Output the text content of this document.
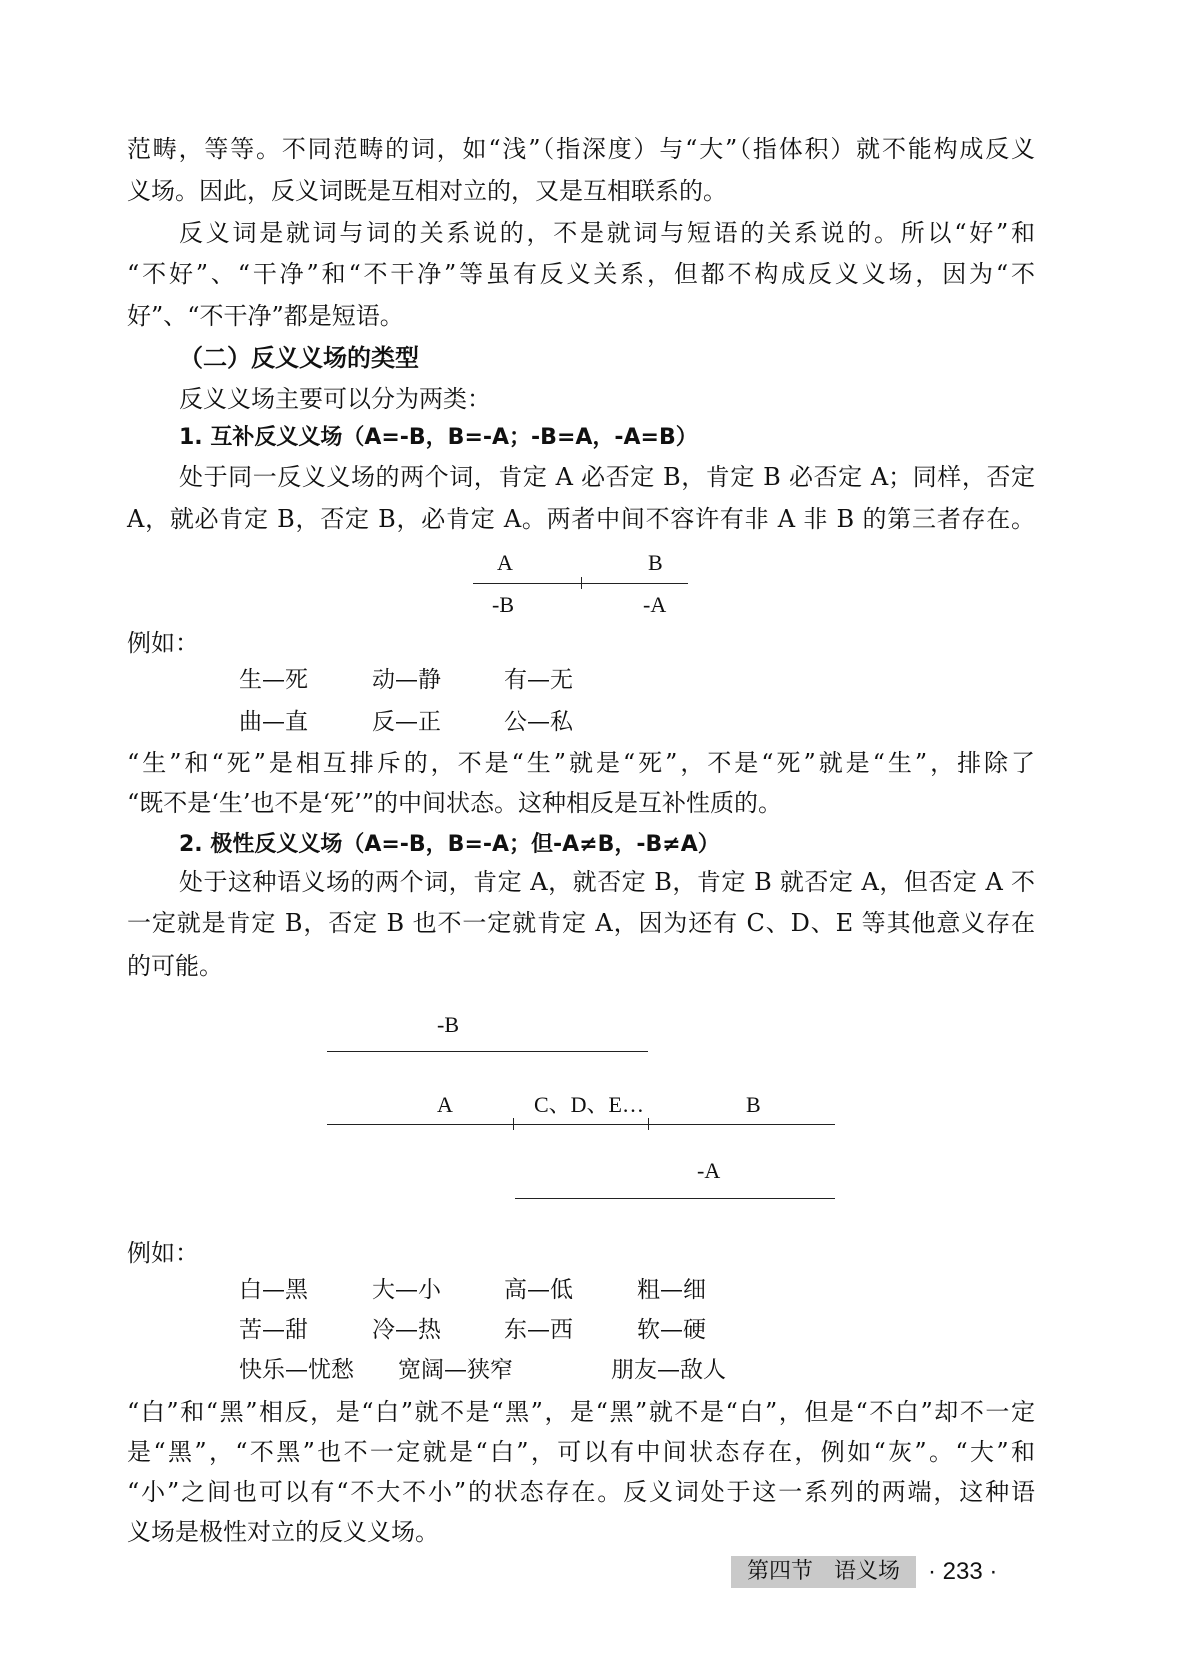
范畴，等等。不同范畴的词，如“浅”（指深度）与“大”（指体积）就不能构成反义
义场。因此，反义词既是互相对立的，又是互相联系的。
反义词是就词与词的关系说的，不是就词与短语的关系说的。所以“好”和
“不好”、“干净”和“不干净”等虽有反义关系，但都不构成反义义场，因为“不
好”、“不干净”都是短语。
（二）反义义场的类型
反义义场主要可以分为两类：
1. 互补反义义场（A=-B，B=-A；-B=A，-A=B）
处于同一反义义场的两个词，肯定 A 必否定 B，肯定 B 必否定 A；同样，否定
A，就必肯定 B，否定 B，必肯定 A。两者中间不容许有非 A 非 B 的第三者存在。
A	B
-B	-A
例如：
生—死	动—静	有—无
曲—直	反—正	公—私
“生”和“死”是相互排斥的，不是“生”就是“死”，不是“死”就是“生”，排除了
“既不是‘生’也不是‘死’”的中间状态。这种相反是互补性质的。
2. 极性反义义场（A=-B，B=-A；但-A≠B，-B≠A）
处于这种语义场的两个词，肯定 A，就否定 B，肯定 B 就否定 A，但否定 A 不
一定就是肯定 B，否定 B 也不一定就肯定 A，因为还有 C、D、E 等其他意义存在
的可能。
-B
A	C、D、E…	B
-A
例如：
白—黑	大—小	高—低	粗—细
苦—甜	冷—热	东—西	软—硬
快乐—忧愁 宽阔—狭窄	朋友—敌人
“白”和“黑”相反，是“白”就不是“黑”，是“黑”就不是“白”，但是“不白”却不一定
是“黑”，“不黑”也不一定就是“白”，可以有中间状态存在，例如“灰”。“大”和
“小”之间也可以有“不大不小”的状态存在。反义词处于这一系列的两端，这种语
义场是极性对立的反义义场。
第四节 语义场	· 233 ·
